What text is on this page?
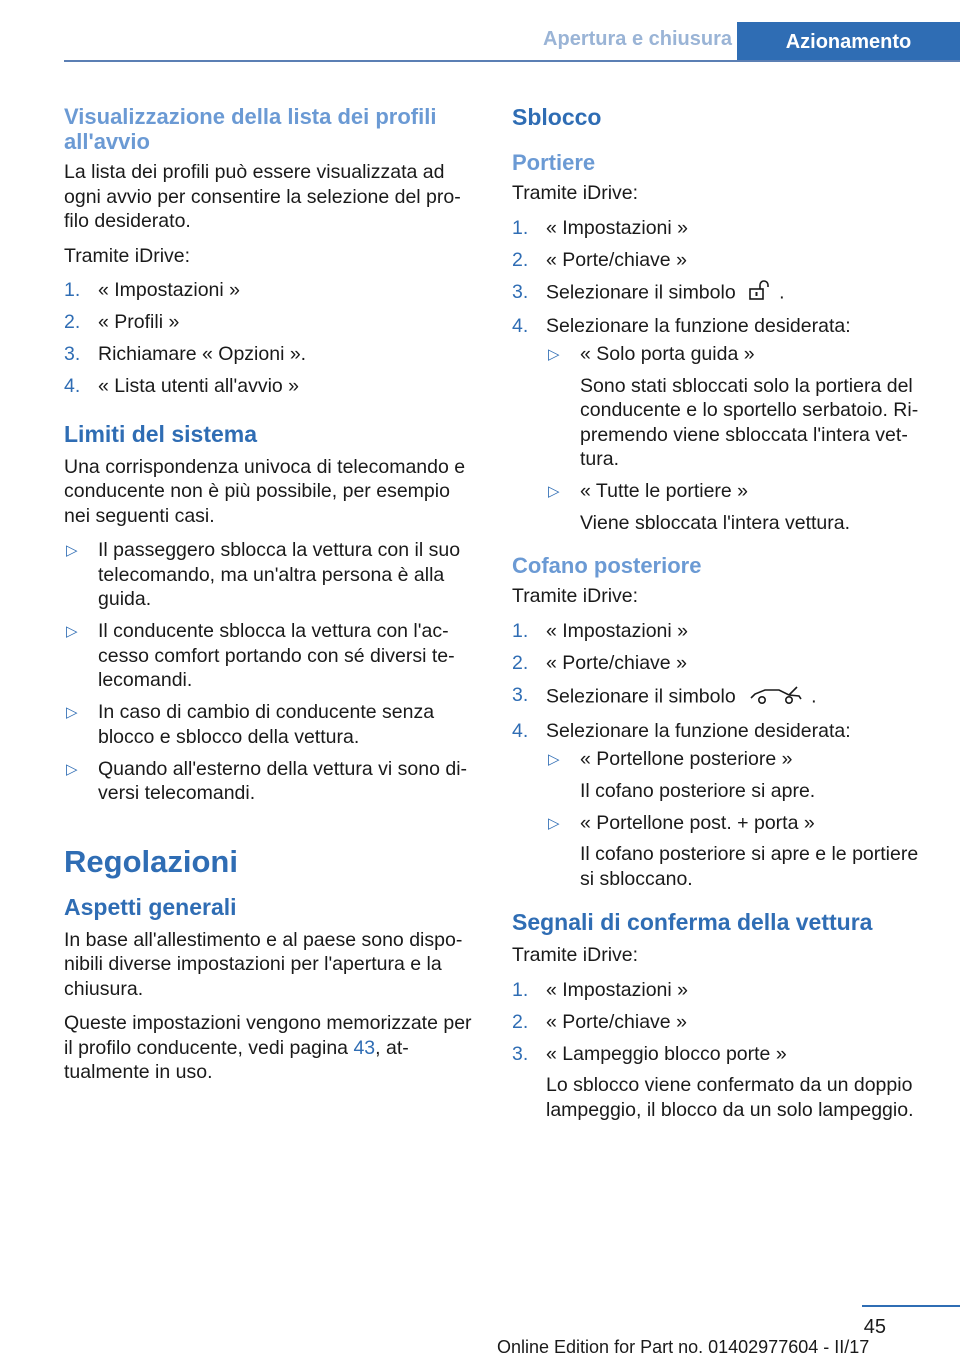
Apertura e chiusura	Azionamento
Visualizzazione della lista dei profili all'avvio

La lista dei profili può essere visualizzata ad ogni avvio per consentire la selezione del profilo desiderato.

Tramite iDrive:

1. « Impostazioni »
2. « Profili »
3. Richiamare « Opzioni ».
4. « Lista utenti all'avvio »
Limiti del sistema

Una corrispondenza univoca di telecomando e conducente non è più possibile, per esempio nei seguenti casi.

▷ Il passeggero sblocca la vettura con il suo telecomando, ma un'altra persona è alla guida.
▷ Il conducente sblocca la vettura con l'accesso comfort portando con sé diversi telecomandi.
▷ In caso di cambio di conducente senza blocco e sblocco della vettura.
▷ Quando all'esterno della vettura vi sono diversi telecomandi.
Regolazioni
Aspetti generali

In base all'allestimento e al paese sono disponibili diverse impostazioni per l'apertura e la chiusura.

Queste impostazioni vengono memorizzate per il profilo conducente, vedi pagina 43, attualmente in uso.

Sblocco
Portiere

Tramite iDrive:

1. « Impostazioni »
2. « Porte/chiave »
3. Selezionare il simbolo .
4. Selezionare la funzione desiderata:
▷ « Solo porta guida »
Sono stati sbloccati solo la portiera del conducente e lo sportello serbatoio. Ripremendo viene sbloccata l'intera vettura.
▷ « Tutte le portiere »
Viene sbloccata l'intera vettura.
Cofano posteriore

Tramite iDrive:

1. « Impostazioni »
2. « Porte/chiave »
3. Selezionare il simbolo	.
4. Selezionare la funzione desiderata:
▷ « Portellone posteriore »
Il cofano posteriore si apre.
▷ « Portellone post. + porta »
Il cofano posteriore si apre e le portiere si sbloccano.
Segnali di conferma della vettura

Tramite iDrive:

1. « Impostazioni »
2. « Porte/chiave »
3. « Lampeggio blocco porte »
Lo sblocco viene confermato da un doppio lampeggio, il blocco da un solo lampeggio.
45
Online Edition for Part no. 01402977604 - II/17
